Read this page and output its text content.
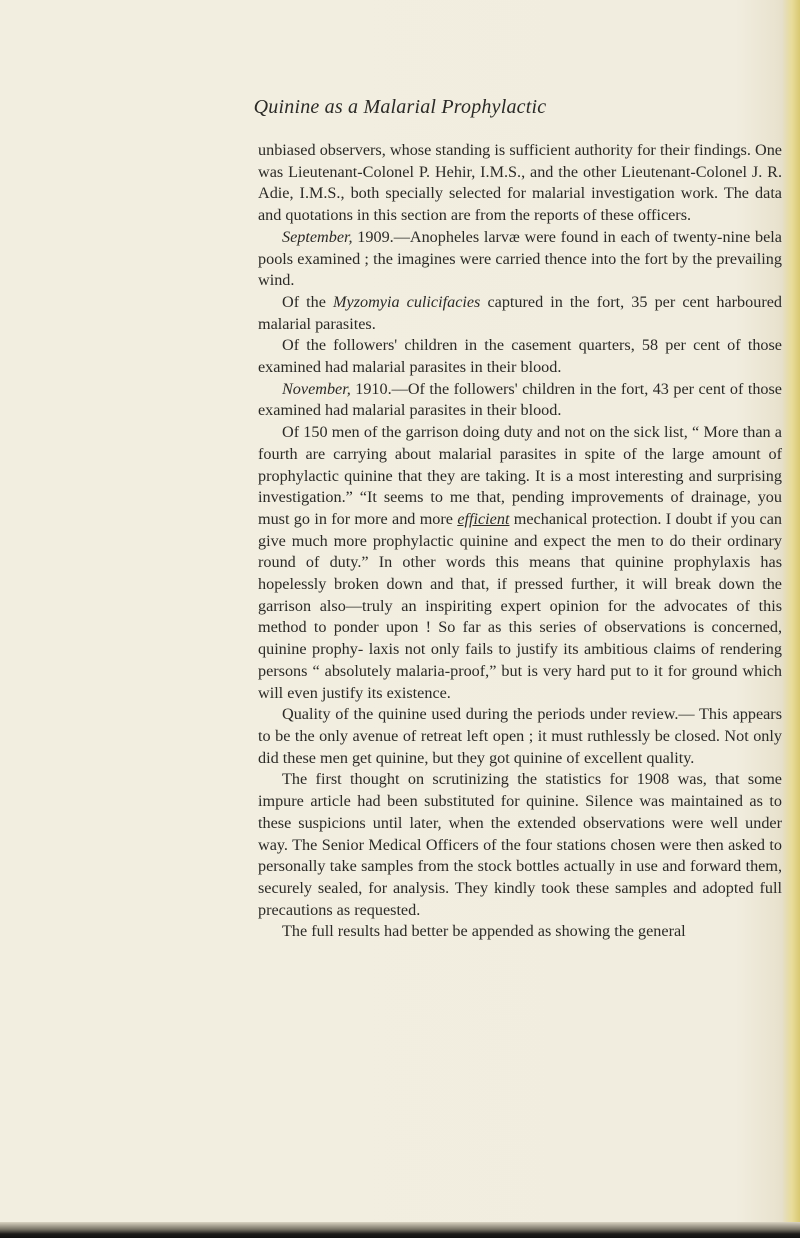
Quinine as a Malarial Prophylactic

unbiased observers, whose standing is sufficient authority for their findings. One was Lieutenant-Colonel P. Hehir, I.M.S., and the other Lieutenant-Colonel J. R. Adie, I.M.S., both specially selected for malarial investigation work. The data and quotations in this section are from the reports of these officers.

September, 1909.—Anopheles larvæ were found in each of twenty-nine bela pools examined ; the imagines were carried thence into the fort by the prevailing wind.

Of the Myzomyia culicifacies captured in the fort, 35 per cent harboured malarial parasites.

Of the followers' children in the casement quarters, 58 per cent of those examined had malarial parasites in their blood.

November, 1910.—Of the followers' children in the fort, 43 per cent of those examined had malarial parasites in their blood.

Of 150 men of the garrison doing duty and not on the sick list, “ More than a fourth are carrying about malarial parasites in spite of the large amount of prophylactic quinine that they are taking. It is a most interesting and surprising investigation.” “It seems to me that, pending improvements of drainage, you must go in for more and more efficient mechanical protection. I doubt if you can give much more prophylactic quinine and expect the men to do their ordinary round of duty.” In other words this means that quinine prophylaxis has hopelessly broken down and that, if pressed further, it will break down the garrison also—truly an inspiriting expert opinion for the advocates of this method to ponder upon ! So far as this series of observations is concerned, quinine prophy- laxis not only fails to justify its ambitious claims of rendering persons “ absolutely malaria-proof,” but is very hard put to it for ground which will even justify its existence.

Quality of the quinine used during the periods under review.— This appears to be the only avenue of retreat left open ; it must ruthlessly be closed. Not only did these men get quinine, but they got quinine of excellent quality.

The first thought on scrutinizing the statistics for 1908 was, that some impure article had been substituted for quinine. Silence was maintained as to these suspicions until later, when the extended observations were well under way. The Senior Medical Officers of the four stations chosen were then asked to personally take samples from the stock bottles actually in use and forward them, securely sealed, for analysis. They kindly took these samples and adopted full precautions as requested.

The full results had better be appended as showing the general
